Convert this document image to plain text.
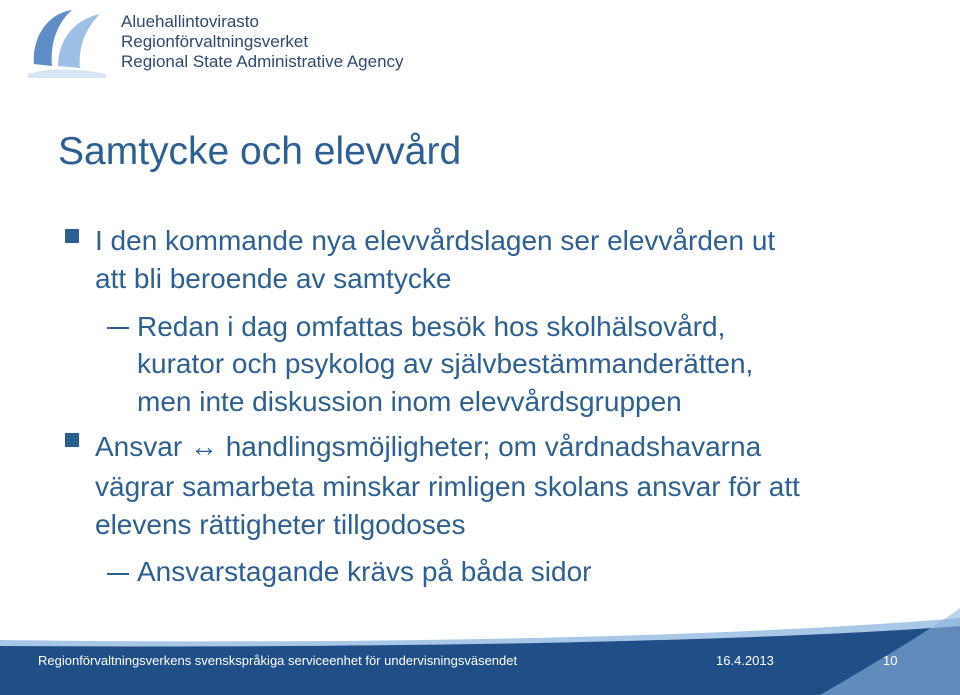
Aluehallintovirasto
Regionförvaltningsverket
Regional State Administrative Agency
Samtycke och elevvård
I den kommande nya elevvårdslagen ser elevvården ut
att bli beroende av samtycke
Redan i dag omfattas besök hos skolhälsovård,
kurator och psykolog av självbestämmanderätten,
men inte diskussion inom elevvårdsgruppen
Ansvar ↔ handlingsmöjligheter; om vårdnadshavarna
vägrar samarbeta minskar rimligen skolans ansvar för att
elevens rättigheter tillgodoses
Ansvarstagande krävs på båda sidor
Regionförvaltningsverkens svenskspråkiga serviceenhet för undervisningsväsendet	16.4.2013	10
